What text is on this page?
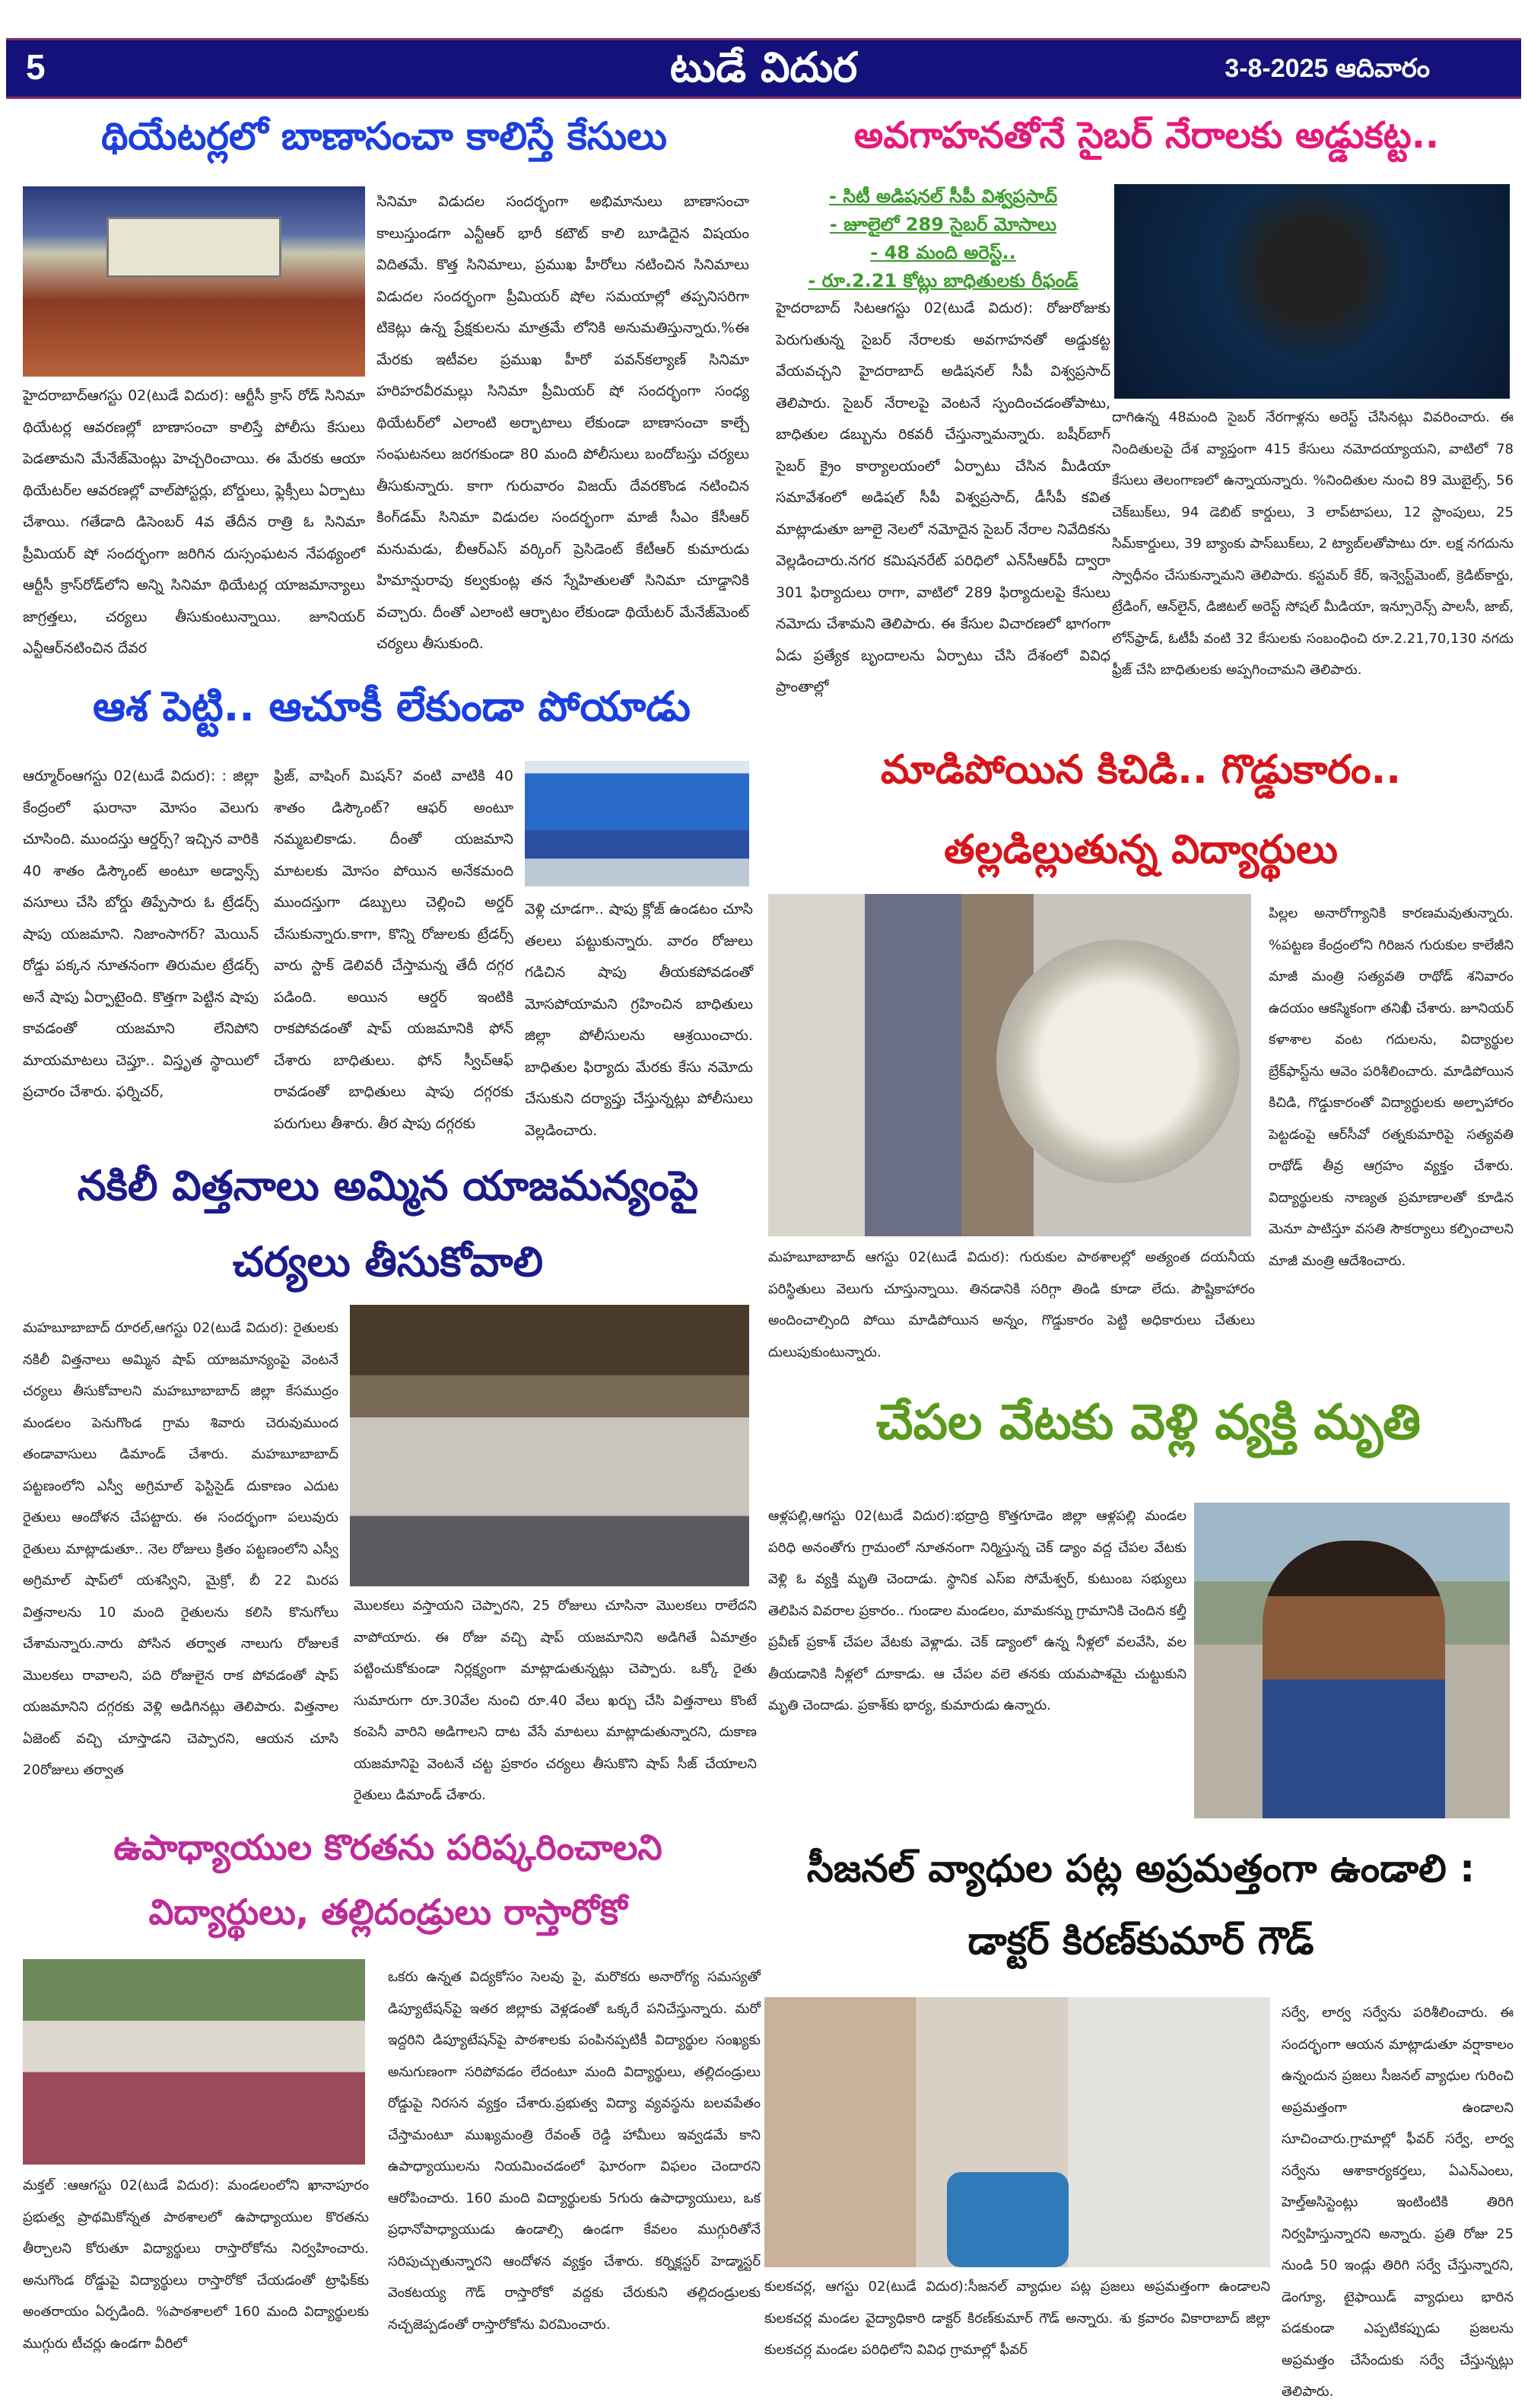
5	టుడే విదుర	3-8-2025 ఆదివారం
థియేటర్లలో బాణాసంచా కాలిస్తే కేసులు
హైదరాబాద్‌ఆగస్టు 02(టుడే విదుర): ఆర్టీసీ క్రాస్ రోడ్ సినిమా థియేటర్ల ఆవరణల్లో బాణాసంచా కాలిస్తే పోలీసు కేసులు పెడతామని మేనేజ్‌మెంట్లు హెచ్చరించాయి. ఈ మేరకు ఆయా థియేటర్‌ల ఆవరణల్లో వాల్‌పోస్టర్లు, బోర్డులు, ఫ్లెక్సీలు ఏర్పాటు చేశాయి. గతేడాది డిసెంబర్ 4వ తేదీన రాత్రి ఓ సినిమా ప్రీమియర్ షో సందర్భంగా జరిగిన దుస్సంఘటన నేపథ్యంలో ఆర్టీసీ క్రాస్‌రోడ్‌లోని అన్ని సినిమా థియేటర్ల యాజమాన్యాలు జాగ్రత్తలు, చర్యలు తీసుకుంటున్నాయి. జూనియర్ ఎన్టీఆర్‌నటించిన దేవర
సినిమా విడుదల సందర్భంగా అభిమానులు బాణాసంచా కాలుస్తుండగా ఎన్టీఆర్ భారీ కటౌట్ కాలి బూడిదైన విషయం విదితమే. కొత్త సినిమాలు, ప్రముఖ హీరోలు నటించిన సినిమాలు విడుదల సందర్భంగా ప్రీమియర్ షోల సమయాల్లో తప్పనిసరిగా టికెట్లు ఉన్న ప్రేక్షకులను మాత్రమే లోనికి అనుమతిస్తున్నారు.%ఈ మేరకు ఇటీవల ప్రముఖ హీరో పవన్‌కల్యాణ్ సినిమా హరిహరవీరమల్లు సినిమా ప్రీమియర్ షో సందర్భంగా సంధ్య థియేటర్‌లో ఎలాంటి అర్భాటాలు లేకుండా బాణాసంచా కాల్చే సంఘటనలు జరగకుండా 80 మంది పోలీసులు బందోబస్తు చర్యలు తీసుకున్నారు. కాగా గురువారం విజయ్ దేవరకొండ నటించిన కింగ్‌డమ్ సినిమా విడుదల సందర్భంగా మాజీ సీఎం కేసీఆర్ మనుమడు, బీఆర్ఎస్ వర్కింగ్ ప్రెసిడెంట్ కేటీఆర్ కుమారుడు హిమాన్షురావు కల్వకుంట్ల తన స్నేహితులతో సినిమా చూడ్డానికి వచ్చారు. దీంతో ఎలాంటి ఆర్భాటం లేకుండా థియేటర్ మేనేజ్‌మెంట్ చర్యలు తీసుకుంది.
అవగాహనతోనే సైబర్ నేరాలకు అడ్డుకట్ట..
- సిటీ అడిషనల్ సీపీ విశ్వప్రసాద్
- జూలైలో 289 సైబర్ మోసాలు
- 48 మంది అరెస్ట్..
- రూ.2.21 కోట్లు బాధితులకు రీఫండ్
హైదరాబాద్ సిటఆగస్టు 02(టుడే విదుర): రోజురోజుకు పెరుగుతున్న సైబర్ నేరాలకు అవగాహనతో అడ్డుకట్ట వేయవచ్చని హైదరాబాద్ అడిషనల్ సీపీ విశ్వప్రసాద్ తెలిపారు. సైబర్ నేరాలపై వెంటనే స్పందించడంతోపాటు, బాధితుల డబ్బును రికవరీ చేస్తున్నామన్నారు. బషీర్‌బాగ్ సైబర్ క్రైం కార్యాలయంలో ఏర్పాటు చేసిన మీడియా సమావేశంలో అడిషల్ సీపీ విశ్వప్రసాద్, డీసీపీ కవిత మాట్లాడుతూ జూలై నెలలో నమోదైన సైబర్ నేరాల నివేదికను వెల్లడించారు.నగర కమిషనరేట్ పరిధిలో ఎన్‌సీఆర్‌పీ ద్వారా 301 ఫిర్యాదులు రాగా, వాటిలో 289 ఫిర్యాదులపై కేసులు నమోదు చేశామని తెలిపారు. ఈ కేసుల విచారణలో భాగంగా ఏడు ప్రత్యేక బృందాలను ఏర్పాటు చేసి దేశంలో వివిధ ప్రాంతాల్లో
దాగిఉన్న 48మంది సైబర్ నేరగాళ్లను అరెస్ట్ చేసినట్లు వివరించారు. ఈ నిందితులపై దేశ వ్యాప్తంగా 415 కేసులు నమోదయ్యాయని, వాటిలో 78 కేసులు తెలంగాణలో ఉన్నాయన్నారు. %నిందితుల నుంచి 89 మొబైల్స్, 56 చెక్‌బుక్‌లు, 94 డెబిట్ కార్డులు, 3 లాప్‌టాపలు, 12 స్టాంపులు, 25 సిమ్‌కార్డులు, 39 బ్యాంకు పాస్‌బుక్‌లు, 2 ట్యాబ్‌లతోపాటు రూ. లక్ష నగదును స్వాధీనం చేసుకున్నామని తెలిపారు. కస్టమర్ కేర్, ఇన్వెస్ట్‌మెంట్, క్రెడిట్‌కార్డు, ట్రేడింగ్, ఆన్‌లైన్, డిజిటల్ అరెస్ట్ సోషల్ మీడియా, ఇన్సూరెన్స్ పాలసీ, జాబ్, లోన్‌ఫ్రాడ్, ఓటీపీ వంటి 32 కేసులకు సంబంధించి రూ.2.21,70,130 నగదు ఫ్రీజ్ చేసి బాధితులకు అప్పగించామని తెలిపారు.
ఆశ పెట్టి.. ఆచూకీ లేకుండా పోయాడు
ఆర్మూర్ంఆగస్టు 02(టుడే విదుర): : జిల్లా కేంద్రంలో ఘరానా మోసం వెలుగు చూసింది. ముందస్తు ఆర్డర్స్? ఇచ్చిన వారికి 40 శాతం డిస్కౌంట్ అంటూ అడ్వాన్స్ వసూలు చేసి బోర్డు తిప్పేసారు ఓ ట్రేడర్స్ షాపు యజమాని. నిజాంసాగర్? మెయిన్ రోడ్డు పక్కన నూతనంగా తిరుమల ట్రేడర్స్ అనే షాపు ఏర్పాటైంది. కొత్తగా పెట్టిన షాపు కావడంతో యజమాని లేనిపోని మాయమాటలు చెప్తూ.. విస్తృత స్థాయిలో ప్రచారం చేశారు. ఫర్నిచర్,
ఫ్రిజ్, వాషింగ్ మిషన్? వంటి వాటికి 40 శాతం డిస్కౌంట్? ఆఫర్ అంటూ నమ్మబలికాడు. దీంతో యజమాని మాటలకు మోసం పోయిన అనేకమంది ముందస్తుగా డబ్బులు చెల్లించి అర్డర్ చేసుకున్నారు.కాగా, కొన్ని రోజులకు ట్రేడర్స్ వారు స్టాక్ డెలివరీ చేస్తామన్న తేదీ దగ్గర పడింది. అయిన ఆర్డర్ ఇంటికి రాకపోవడంతో షాప్ యజమానికి ఫోన్ చేశారు బాధితులు. ఫోన్ స్వీచ్ఆఫ్ రావడంతో బాధితులు షాపు దగ్గరకు పరుగులు తీశారు. తీర షాపు దగ్గరకు
వెళ్లి చూడగా.. షాపు క్లోజ్ ఉండటం చూసి తలలు పట్టుకున్నారు. వారం రోజులు గడిచిన షాపు తీయకపోవడంతో మోసపోయామని గ్రహించిన బాధితులు జిల్లా పోలీసులను ఆశ్రయించారు. బాధితుల ఫిర్యాదు మేరకు కేసు నమోదు చేసుకుని దర్యాప్తు చేస్తున్నట్లు పోలీసులు వెల్లడించారు.
మాడిపోయిన కిచిడి.. గొడ్డుకారం..
తల్లడిల్లుతున్న విద్యార్థులు
మహబూబాబాద్ ఆగస్టు 02(టుడే విదుర): గురుకుల పాఠశాలల్లో అత్యంత దయనీయ పరిస్థితులు వెలుగు చూస్తున్నాయి. తినడానికి సరిగ్గా తిండి కూడా లేదు. పౌష్టికాహారం అందించాల్సింది పోయి మాడిపోయిన అన్నం, గొడ్డుకారం పెట్టి అధికారులు చేతులు దులుపుకుంటున్నారు.
పిల్లల అనారోగ్యానికి కారణమవుతున్నారు. %పట్టణ కేంద్రంలోని గిరిజన గురుకుల కాలేజీని మాజీ మంత్రి సత్యవతి రాథోడ్ శనివారం ఉదయం ఆకస్మికంగా తనిఖీ చేశారు. జూనియర్ కళాశాల వంట గదులను, విద్యార్థుల బ్రేక్‌ఫాస్ట్‌ను ఆవెం పరిశీలించారు. మాడిపోయిన కిచిడి, గొడ్డుకారంతో విద్యార్థులకు అల్పాహారం పెట్టడంపై ఆర్‌సీవో రత్నకుమారిపై సత్యవతి రాథోడ్ తీవ్ర ఆగ్రహం వ్యక్తం చేశారు. విద్యార్థులకు నాణ్యత ప్రమాణాలతో కూడిన మెనూ పాటిస్తూ వసతి సౌకర్యాలు కల్పించాలని మాజీ మంత్రి ఆదేశించారు.
నకిలీ విత్తనాలు అమ్మిన యాజమన్యంపై
చర్యలు తీసుకోవాలి
మహబూబాబాద్ రూరల్,ఆగస్టు 02(టుడే విదుర): రైతులకు నకిలీ విత్తనాలు అమ్మిన షాప్ యాజమాన్యంపై వెంటనే చర్యలు తీసుకోవాలని మహబూబాబాద్ జిల్లా కేసముద్రం మండలం పెనుగొండ గ్రామ శివారు చెరువుముంద తండావాసులు డిమాండ్ చేశారు. మహబూబాబాద్ పట్టణంలోని ఎస్వీ అగ్రిమాల్ ఫెస్టిసైడ్ దుకాణం ఎదుట రైతులు ఆందోళన చేపట్టారు. ఈ సందర్భంగా పలువురు రైతులు మాట్లాడుతూ.. నెల రోజులు క్రితం పట్టణంలోని ఎస్వీ అగ్రిమాల్ షాప్‌లో యశస్విని, మైక్రో, బీ 22 మిరప విత్తనాలను 10 మంది రైతులను కలిసి కొనుగోలు చేశామన్నారు.నారు పోసిన తర్వాత నాలుగు రోజులకే మొలకలు రావాలని, పది రోజులైన రాక పోవడంతో షాప్ యజమానిని దగ్గరకు వెళ్లి అడిగినట్లు తెలిపారు. విత్తనాల ఏజెంట్ వచ్చి చూస్తాడని చెప్పారని, ఆయన చూసి 20రోజులు తర్వాత
మొలకలు వస్తాయని చెప్పారని, 25 రోజులు చూసినా మొలకలు రాలేదని వాపోయారు. ఈ రోజు వచ్చి షాప్ యజమానిని అడిగితే ఏమాత్రం పట్టించుకోకుండా నిర్లక్ష్యంగా మాట్లాడుతున్నట్లు చెప్పారు. ఒక్కో రైతు సుమారుగా రూ.30వేల నుంచి రూ.40 వేలు ఖర్చు చేసి విత్తనాలు కొంటే కంపెనీ వారిని అడిగాలని దాట వేసే మాటలు మాట్లాడుతున్నారని, దుకాణ యజమానిపై వెంటనే చట్ట ప్రకారం చర్యలు తీసుకొని షాప్ సీజ్ చేయాలని రైతులు డిమాండ్ చేశారు.
చేపల వేటకు వెళ్లి వ్యక్తి మృతి
ఆళ్లపల్లి,ఆగస్టు 02(టుడే విదుర):భద్రాద్రి కొత్తగూడెం జిల్లా ఆళ్లపల్లి మండల పరిధి అనంతోగు గ్రామంలో నూతనంగా నిర్మిస్తున్న చెక్ డ్యాం వద్ద చేపల వేటకు వెళ్లి ఓ వ్యక్తి మృతి చెందాడు. స్థానిక ఎస్ఐ సోమేశ్వర్, కుటుంబ సభ్యులు తెలిపిన వివరాల ప్రకారం.. గుండాల మండలం, మామకన్ను గ్రామానికి చెందిన కల్తీ ప్రవీణ్ ప్రకాశ్ చేపల వేటకు వెళ్లాడు. చెక్ డ్యాంలో ఉన్న నీళ్లలో వలవేసి, వల తీయడానికి నీళ్లలో దూకాడు. ఆ చేపల వలె తనకు యమపాశమై చుట్టుకుని మృతి చెందాడు. ప్రకాశ్‌కు భార్య, కుమారుడు ఉన్నారు.
ఉపాధ్యాయుల కొరతను పరిష్కరించాలని
విద్యార్థులు, తల్లిదండ్రులు రాస్తారోకో
మక్తల్ :ఆఆగస్టు 02(టుడే విదుర): మండలంలోని ఖానాపూరం ప్రభుత్వ ప్రాథమికోన్నత పాఠశాలలో ఉపాధ్యాయుల కొరతను తీర్చాలని కోరుతూ విద్యార్థులు రాస్తారోకోను నిర్వహించారు. అనుగొండ రోడ్డుపై విద్యార్థులు రాస్తారోకో చేయడంతో ట్రాఫిక్‌కు అంతరాయం ఏర్పడింది. %పాఠశాలలో 160 మంది విద్యార్థులకు ముగ్గురు టీచర్లు ఉండగా వీరిలో
ఒకరు ఉన్నత విద్యకోసం సెలవు పై, మరొకరు అనారోగ్య సమస్యతో డిప్యూటేషన్‌పై ఇతర జిల్లాకు వెళ్లడంతో ఒక్కరే పనిచేస్తున్నారు. మరో ఇద్దరిని డిప్యూటేషన్‌పై పాఠశాలకు పంపినప్పటికీ విద్యార్థుల సంఖ్యకు అనుగుణంగా సరిపోవడం లేదంటూ మంది విద్యార్థులు, తల్లిదండ్రులు రోడ్డుపై నిరసన వ్యక్తం చేశారు.ప్రభుత్వ విద్యా వ్యవస్థను బలవపేతం చేస్తామంటూ ముఖ్యమంత్రి రేవంత్ రెడ్డి హామీలు ఇవ్వడమే కాని ఉపాధ్యాయులను నియమించడంలో ఘోరంగా విఫలం చెందారని ఆరోపించారు. 160 మంది విద్యార్థులకు 5గురు ఉపాధ్యాయులు, ఒక ప్రధానోపాధ్యాయుడు ఉండాల్సి ఉండగా కేవలం ముగ్గురితోనే సరిపుచ్చుతున్నారని ఆందోళన వ్యక్తం చేశారు. కర్నిక్లస్టర్ హెడ్మాస్టర్ వెంకటయ్య గౌడ్ రాస్తారోకో వద్దకు చేరుకుని తల్లిదండ్రులకు నచ్చజెప్పడంతో రాస్తారోకోను విరమించారు.
సీజనల్ వ్యాధుల పట్ల అప్రమత్తంగా ఉండాలి :
డాక్టర్ కిరణ్‌కుమార్ గౌడ్
కులకచర్ల, ఆగస్టు 02(టుడే విదుర):సీజనల్ వ్యాధుల పట్ల ప్రజలు అప్రమత్తంగా ఉండాలని కులకచర్ల మండల వైద్యాధికారి డాక్టర్ కిరణ్‌కుమార్ గౌడ్ అన్నారు. శు క్రవారం వికారాబాద్ జిల్లా కులకచర్ల మండల పరిధిలోని వివిధ గ్రామాల్లో ఫీవర్
సర్వే, లార్వ సర్వేను పరిశీలించారు. ఈ సందర్భంగా ఆయన మాట్లాడుతూ వర్షాకాలం ఉన్నందున ప్రజలు సీజనల్ వ్యాధుల గురించి అప్రమత్తంగా ఉండాలని సూచించారు.గ్రామాల్లో ఫీవర్ సర్వే, లార్వ సర్వేను ఆశాకార్యకర్తలు, ఏఎన్ఎంలు, హెల్త్‌అసిస్టెంట్లు ఇంటింటికి తిరిగి నిర్వహిస్తున్నారని అన్నారు. ప్రతి రోజు 25 నుండి 50 ఇండ్లు తిరిగి సర్వే చేస్తున్నారని, డెంగ్యూ, టైఫాయిడ్ వ్యాధులు భారిన పడకుండా ఎప్పటికప్పుడు ప్రజలను అప్రమత్తం చేసేందుకు సర్వే చేస్తున్నట్లు తెలిపారు.
